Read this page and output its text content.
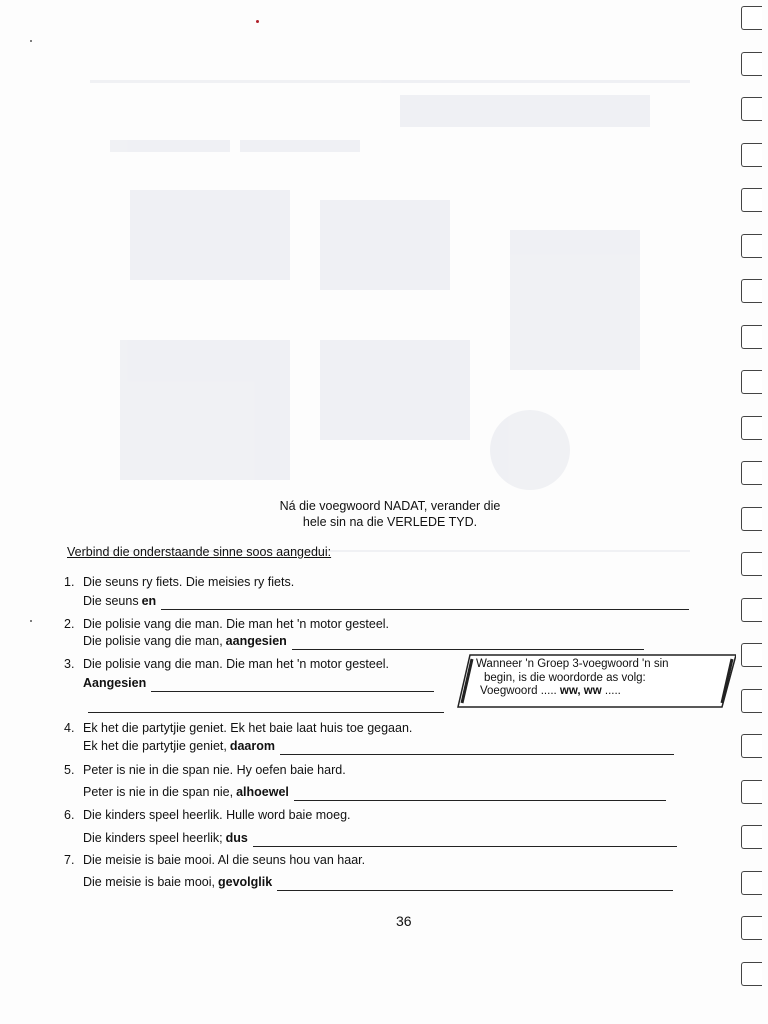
Ná die voegwoord NADAT, verander die
hele sin na die VERLEDE TYD.
Verbind die onderstaande sinne soos aangedui:
1. Die seuns ry fiets. Die meisies ry fiets.
Die seuns en
2. Die polisie vang die man. Die man het 'n motor gesteel.
Die polisie vang die man, aangesien
3. Die polisie vang die man. Die man het 'n motor gesteel.
Aangesien
Wanneer 'n Groep 3-voegwoord 'n sin
begin, is die woordorde as volg:
Voegwoord ..... ww, ww .....
4. Ek het die partytjie geniet. Ek het baie laat huis toe gegaan.
Ek het die partytjie geniet, daarom
5. Peter is nie in die span nie. Hy oefen baie hard.
Peter is nie in die span nie, alhoewel
6. Die kinders speel heerlik. Hulle word baie moeg.
Die kinders speel heerlik; dus
7. Die meisie is baie mooi. Al die seuns hou van haar.
Die meisie is baie mooi, gevolglik
36
